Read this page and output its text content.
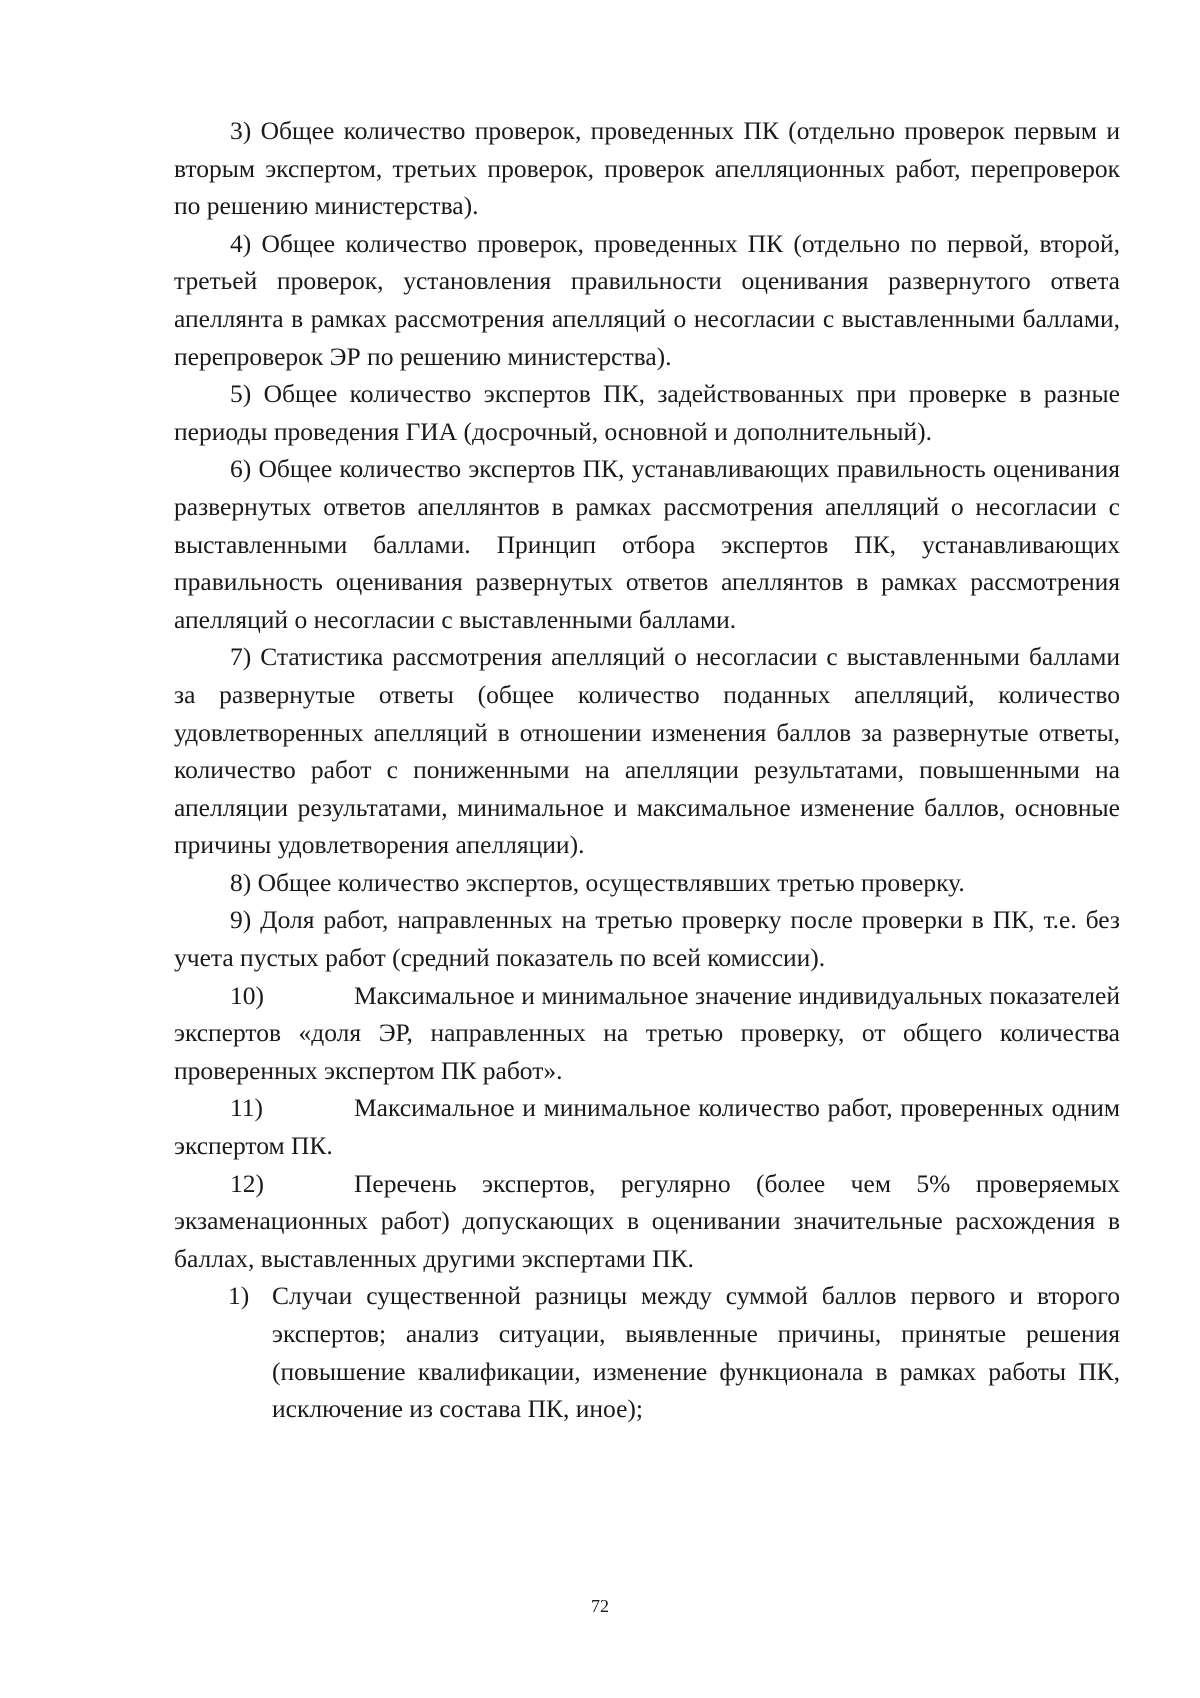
3) Общее количество проверок, проведенных ПК (отдельно проверок первым и вторым экспертом, третьих проверок, проверок апелляционных работ, перепроверок по решению министерства).

4) Общее количество проверок, проведенных ПК (отдельно по первой, второй, третьей проверок, установления правильности оценивания развернутого ответа апеллянта в рамках рассмотрения апелляций о несогласии с выставленными баллами, перепроверок ЭР по решению министерства).

5) Общее количество экспертов ПК, задействованных при проверке в разные периоды проведения ГИА (досрочный, основной и дополнительный).

6) Общее количество экспертов ПК, устанавливающих правильность оценивания развернутых ответов апеллянтов в рамках рассмотрения апелляций о несогласии с выставленными баллами. Принцип отбора экспертов ПК, устанавливающих правильность оценивания развернутых ответов апеллянтов в рамках рассмотрения апелляций о несогласии с выставленными баллами.

7) Статистика рассмотрения апелляций о несогласии с выставленными баллами за развернутые ответы (общее количество поданных апелляций, количество удовлетворенных апелляций в отношении изменения баллов за развернутые ответы, количество работ с пониженными на апелляции результатами, повышенными на апелляции результатами, минимальное и максимальное изменение баллов, основные причины удовлетворения апелляции).

8) Общее количество экспертов, осуществлявших третью проверку.

9) Доля работ, направленных на третью проверку после проверки в ПК, т.е. без учета пустых работ (средний показатель по всей комиссии).

10)	Максимальное и минимальное значение индивидуальных показателей экспертов «доля ЭР, направленных на третью проверку, от общего количества проверенных экспертом ПК работ».

11)	Максимальное и минимальное количество работ, проверенных одним экспертом ПК.

12)	Перечень экспертов, регулярно (более чем 5% проверяемых экзаменационных работ) допускающих в оценивании значительные расхождения в баллах, выставленных другими экспертами ПК.

1) Случаи существенной разницы между суммой баллов первого и второго экспертов; анализ ситуации, выявленные причины, принятые решения (повышение квалификации, изменение функционала в рамках работы ПК, исключение из состава ПК, иное);
72
